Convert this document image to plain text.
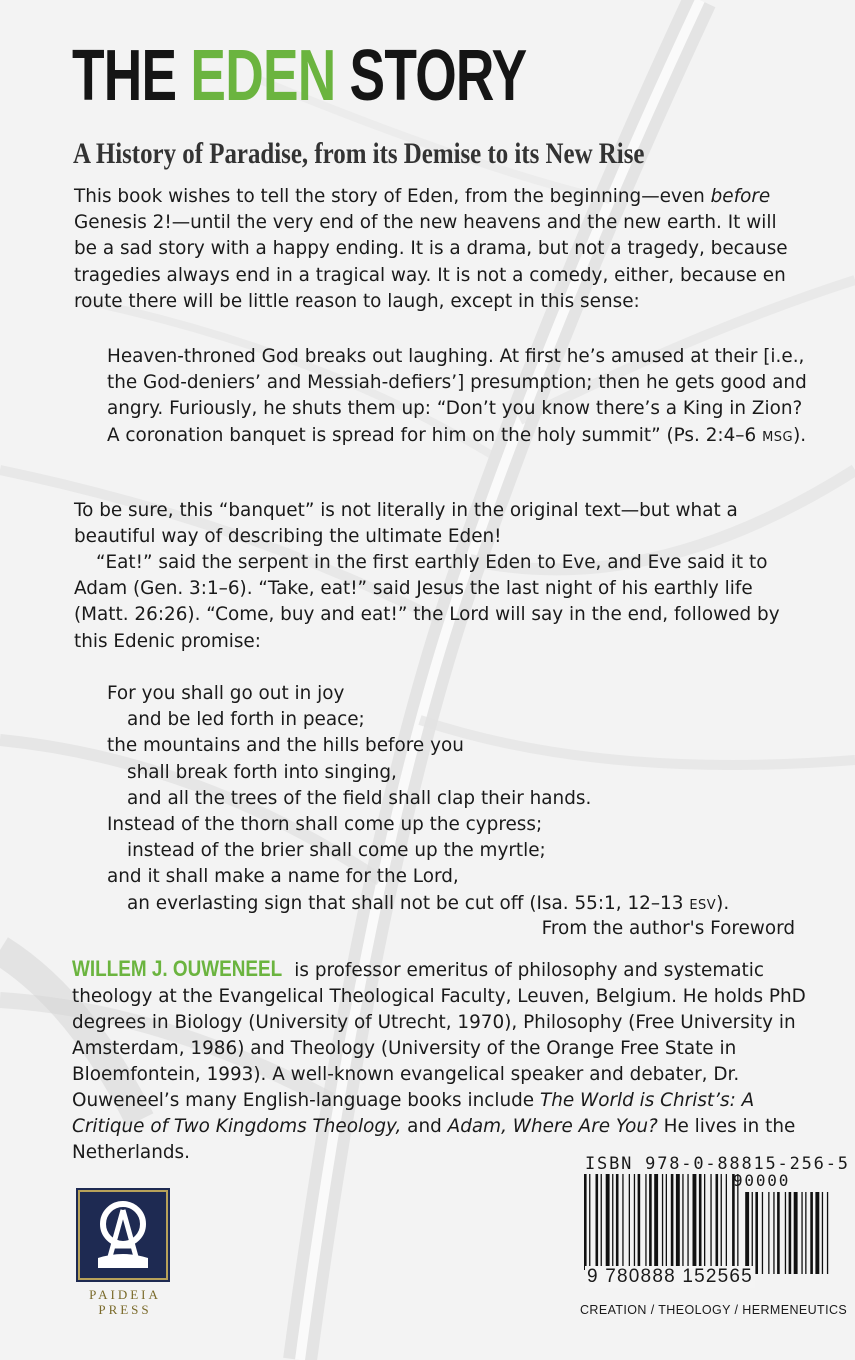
THE EDEN STORY

A History of Paradise, from its Demise to its New Rise

This book wishes to tell the story of Eden, from the beginning—even before Genesis 2!—until the very end of the new heavens and the new earth. It will be a sad story with a happy ending. It is a drama, but not a tragedy, because tragedies always end in a tragical way. It is not a comedy, either, because en route there will be little reason to laugh, except in this sense:

Heaven-throned God breaks out laughing. At first he’s amused at their [i.e., the God-deniers’ and Messiah-defiers’] presumption; then he gets good and angry. Furiously, he shuts them up: “Don’t you know there’s a King in Zion? A coronation banquet is spread for him on the holy summit” (Ps. 2:4–6 MSG).

To be sure, this “banquet” is not literally in the original text—but what a beautiful way of describing the ultimate Eden!

“Eat!” said the serpent in the first earthly Eden to Eve, and Eve said it to Adam (Gen. 3:1–6). “Take, eat!” said Jesus the last night of his earthly life (Matt. 26:26). “Come, buy and eat!” the Lord will say in the end, followed by this Edenic promise:

For you shall go out in joy
and be led forth in peace;
the mountains and the hills before you
shall break forth into singing,
and all the trees of the field shall clap their hands.
Instead of the thorn shall come up the cypress;
instead of the brier shall come up the myrtle;
and it shall make a name for the Lord,
an everlasting sign that shall not be cut off (Isa. 55:1, 12–13 ESV).

From the author's Foreword

WILLEM J. OUWENEEL is professor emeritus of philosophy and systematic theology at the Evangelical Theological Faculty, Leuven, Belgium. He holds PhD degrees in Biology (University of Utrecht, 1970), Philosophy (Free University in Amsterdam, 1986) and Theology (University of the Orange Free State in Bloemfontein, 1993). A well-known evangelical speaker and debater, Dr. Ouweneel’s many English-language books include The World is Christ’s: A Critique of Two Kingdoms Theology, and Adam, Where Are You? He lives in the Netherlands.

PAIDEIA

PRESS

ISBN 978-0-88815-256-5

90000

9 780888 152565

CREATION / THEOLOGY / HERMENEUTICS
